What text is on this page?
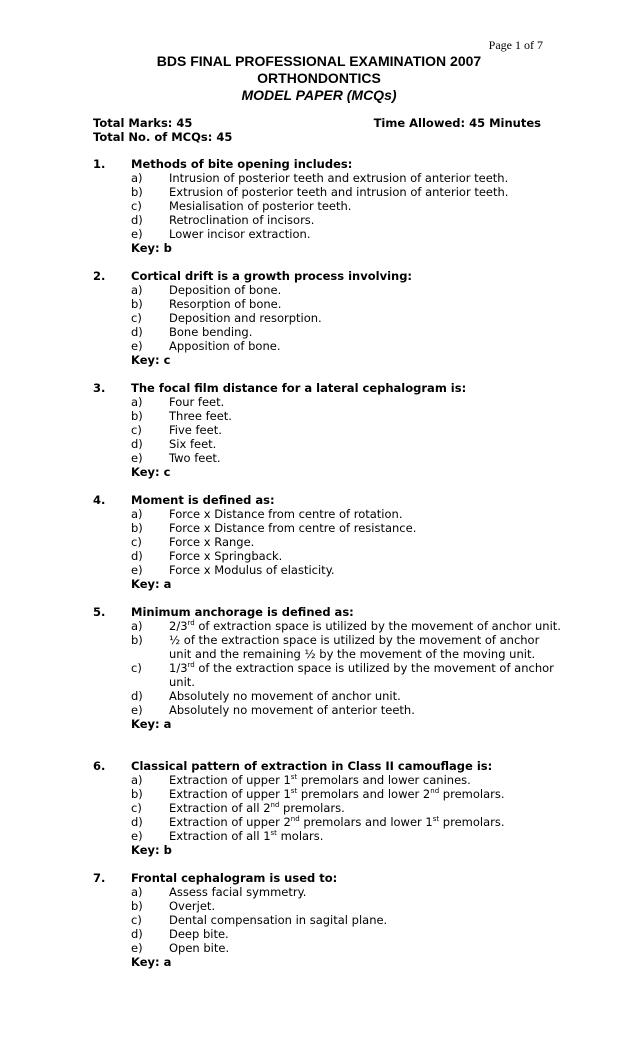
Page 1 of 7
BDS FINAL PROFESSIONAL EXAMINATION 2007
ORTHONDONTICS
MODEL PAPER (MCQs)
Total Marks: 45	Time Allowed: 45 Minutes
Total No. of MCQs: 45
1.	Methods of bite opening includes:
a)	Intrusion of posterior teeth and extrusion of anterior teeth.
b)	Extrusion of posterior teeth and intrusion of anterior teeth.
c)	Mesialisation of posterior teeth.
d)	Retroclination of incisors.
e)	Lower incisor extraction.
Key: b
2.	Cortical drift is a growth process involving:
a)	Deposition of bone.
b)	Resorption of bone.
c)	Deposition and resorption.
d)	Bone bending.
e)	Apposition of bone.
Key: c
3.	The focal film distance for a lateral cephalogram is:
a)	Four feet.
b)	Three feet.
c)	Five feet.
d)	Six feet.
e)	Two feet.
Key: c
4.	Moment is defined as:
a)	Force x Distance from centre of rotation.
b)	Force x Distance from centre of resistance.
c)	Force x Range.
d)	Force x Springback.
e)	Force x Modulus of elasticity.
Key: a
5.	Minimum anchorage is defined as:
a)	2/3rd of extraction space is utilized by the movement of anchor unit.
b)	½ of the extraction space is utilized by the movement of anchor unit and the remaining ½ by the movement of the moving unit.
c)	1/3rd of the extraction space is utilized by the movement of anchor unit.
d)	Absolutely no movement of anchor unit.
e)	Absolutely no movement of anterior teeth.
Key: a
6.	Classical pattern of extraction in Class II camouflage is:
a)	Extraction of upper 1st premolars and lower canines.
b)	Extraction of upper 1st premolars and lower 2nd premolars.
c)	Extraction of all 2nd premolars.
d)	Extraction of upper 2nd premolars and lower 1st premolars.
e)	Extraction of all 1st molars.
Key: b
7.	Frontal cephalogram is used to:
a)	Assess facial symmetry.
b)	Overjet.
c)	Dental compensation in sagital plane.
d)	Deep bite.
e)	Open bite.
Key: a
